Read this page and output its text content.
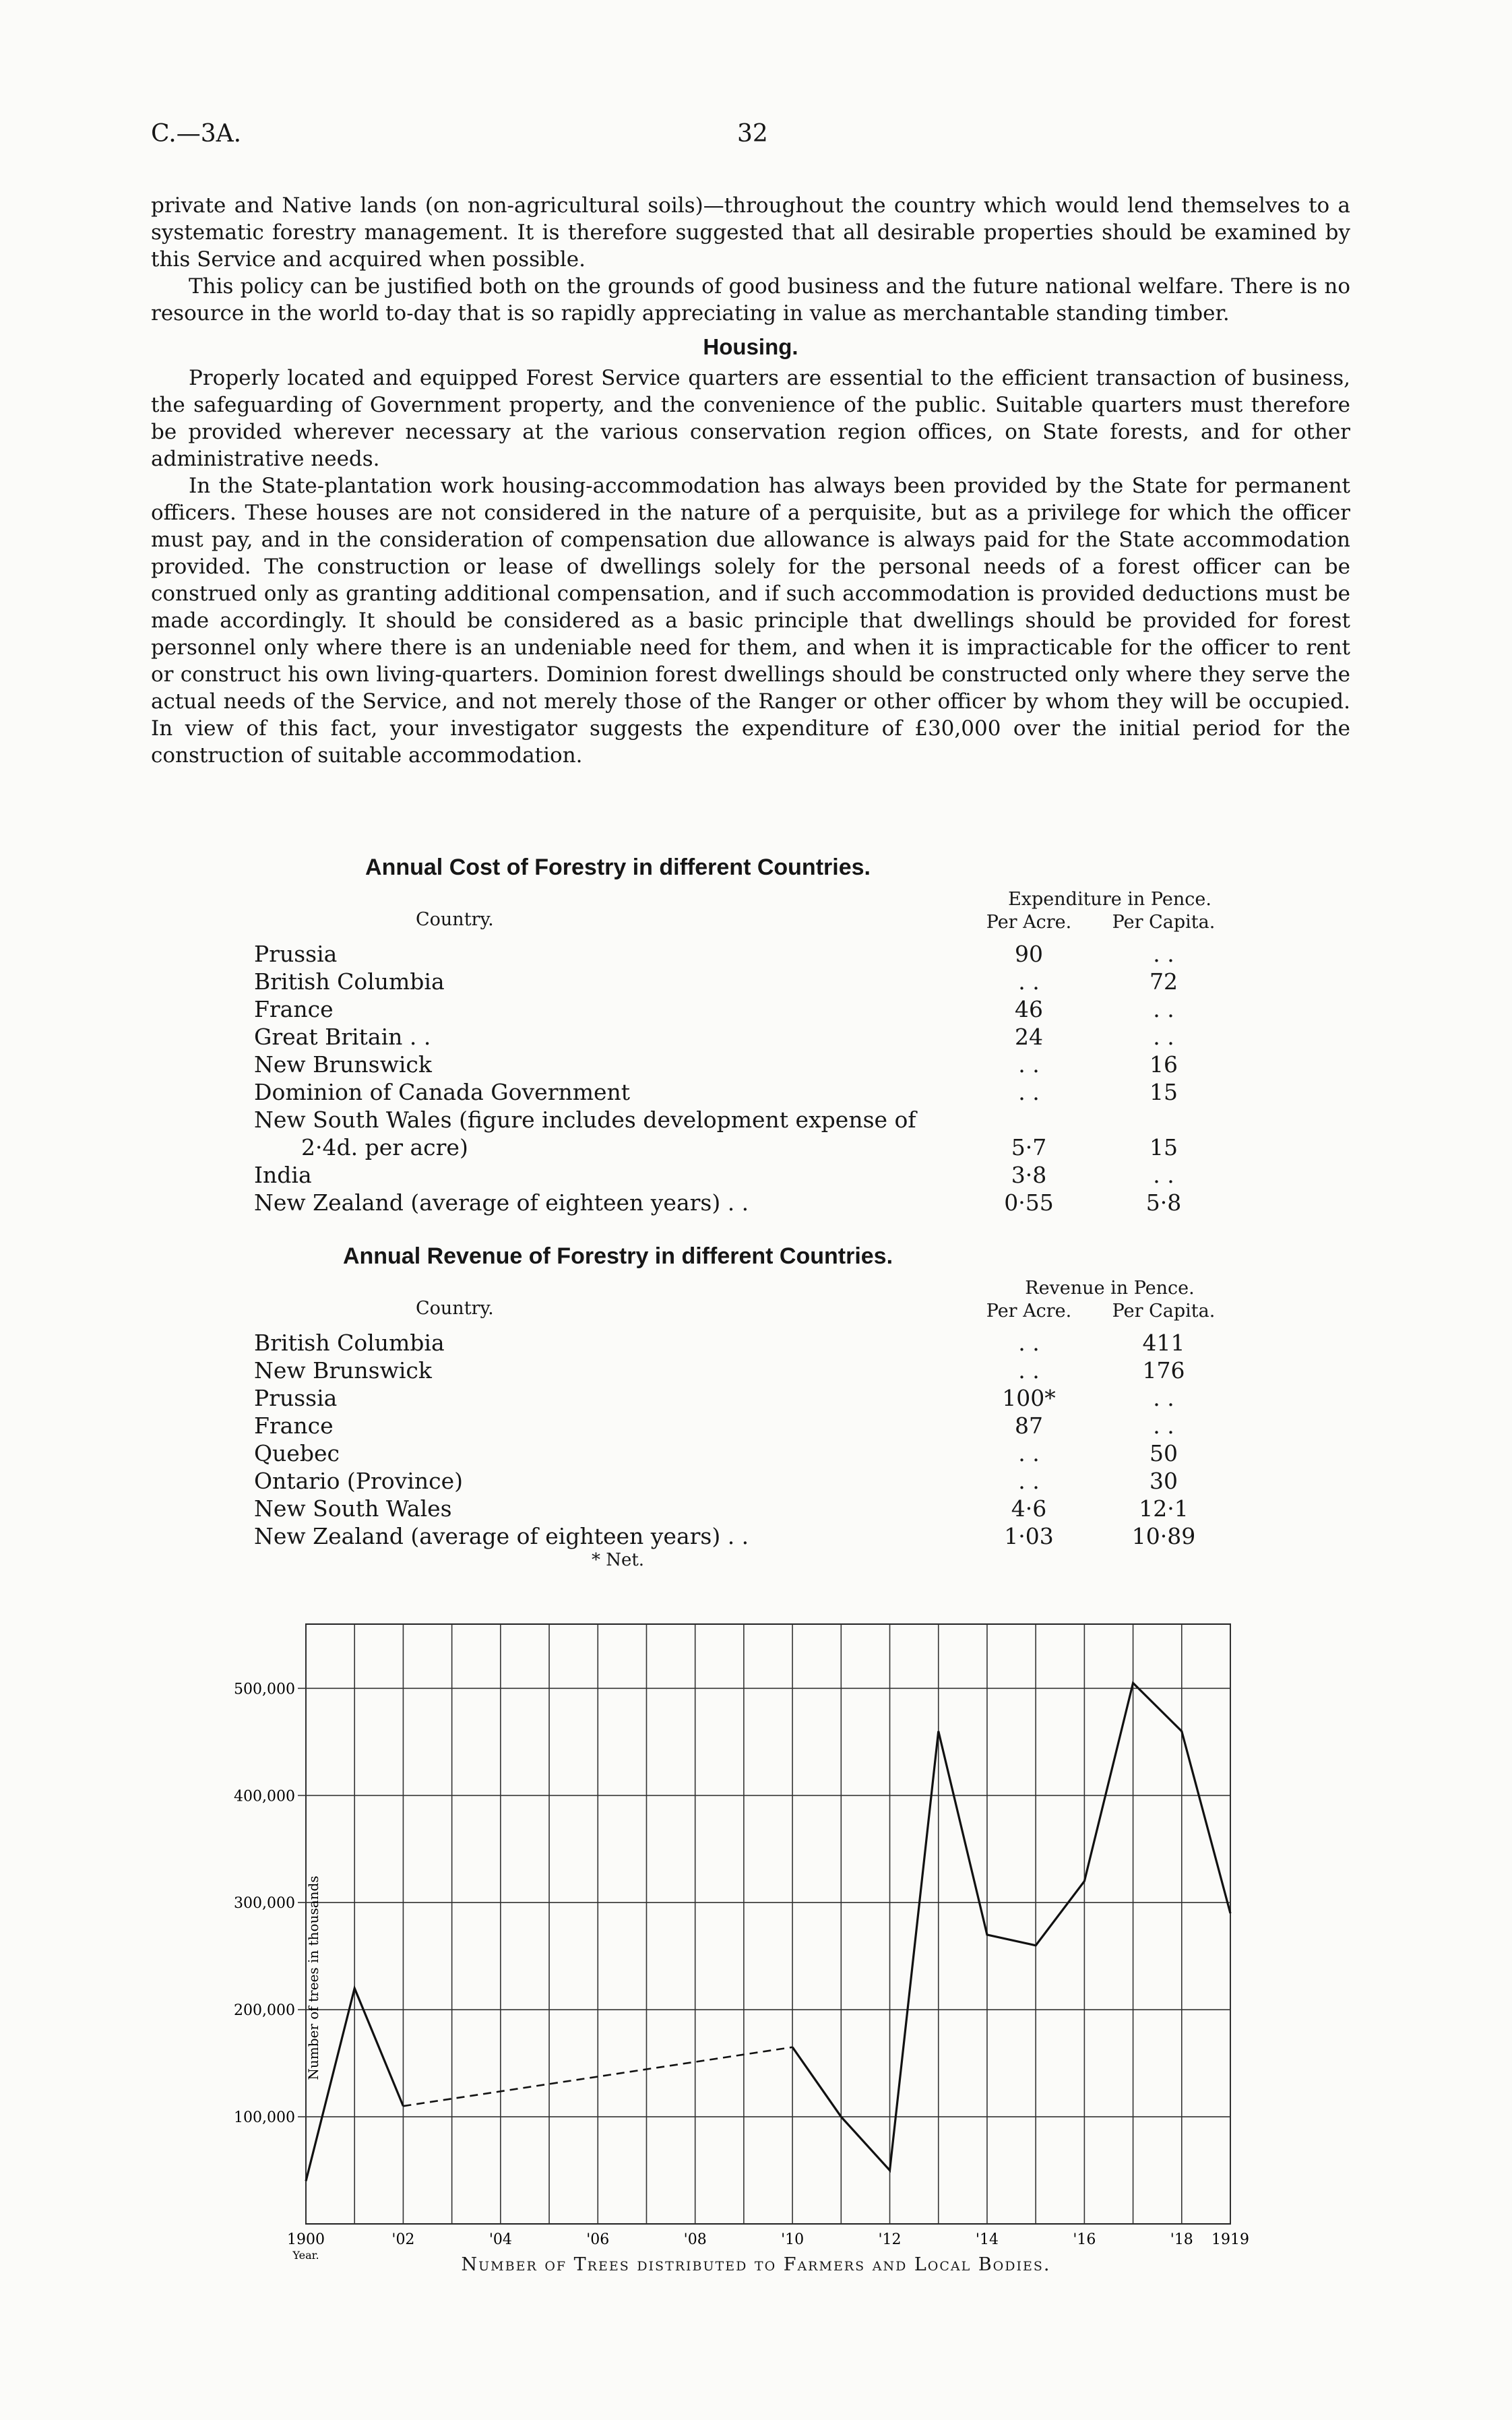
C.—3A.	32

private and Native lands (on non-agricultural soils)—throughout the country which would lend themselves to a systematic forestry management. It is therefore suggested that all desirable properties should be examined by this Service and acquired when possible.

This policy can be justified both on the grounds of good business and the future national welfare. There is no resource in the world to-day that is so rapidly appreciating in value as merchantable standing timber.

Housing.

Properly located and equipped Forest Service quarters are essential to the efficient transaction of business, the safeguarding of Government property, and the convenience of the public. Suitable quarters must therefore be provided wherever necessary at the various conservation region offices, on State forests, and for other administrative needs.

In the State-plantation work housing-accommodation has always been provided by the State for permanent officers. These houses are not considered in the nature of a perquisite, but as a privilege for which the officer must pay, and in the consideration of compensation due allowance is always paid for the State accommodation provided. The construction or lease of dwellings solely for the personal needs of a forest officer can be construed only as granting additional compensation, and if such accommodation is provided deductions must be made accordingly. It should be considered as a basic principle that dwellings should be provided for forest personnel only where there is an undeniable need for them, and when it is impracticable for the officer to rent or construct his own living-quarters. Dominion forest dwellings should be constructed only where they serve the actual needs of the Service, and not merely those of the Ranger or other officer by whom they will be occupied. In view of this fact, your investigator suggests the expenditure of £30,000 over the initial period for the construction of suitable accommodation.

Annual Cost of Forestry in different Countries.
Country.
Expenditure in Pence.
Per Acre.	Per Capita.
Prussia	90	. .
British Columbia	. .	72
France	46	. .
Great Britain . .	24	. .
New Brunswick	. .	16
Dominion of Canada Government	. .	15
New South Wales (figure includes development expense of
2·4d. per acre)	5·7	15
India	3·8	. .
New Zealand (average of eighteen years) . .	0·55	5·8
Annual Revenue of Forestry in different Countries.
Country.
Revenue in Pence.
Per Acre.	Per Capita.
British Columbia	. .	411
New Brunswick	. .	176
Prussia	100*	. .
France	87	. .
Quebec	. .	50
Ontario (Province)	. .	30
New South Wales	4·6	12·1
New Zealand (average of eighteen years) . .	1·03	10·89
* Net.
100,000
200,000
300,000
400,000
500,000
1900	'02	'04	'06	'08	'10	'12	'14	'16	'18 1919
Year.
Number of trees in thousands
Number of Trees distributed to Farmers and Local Bodies.
